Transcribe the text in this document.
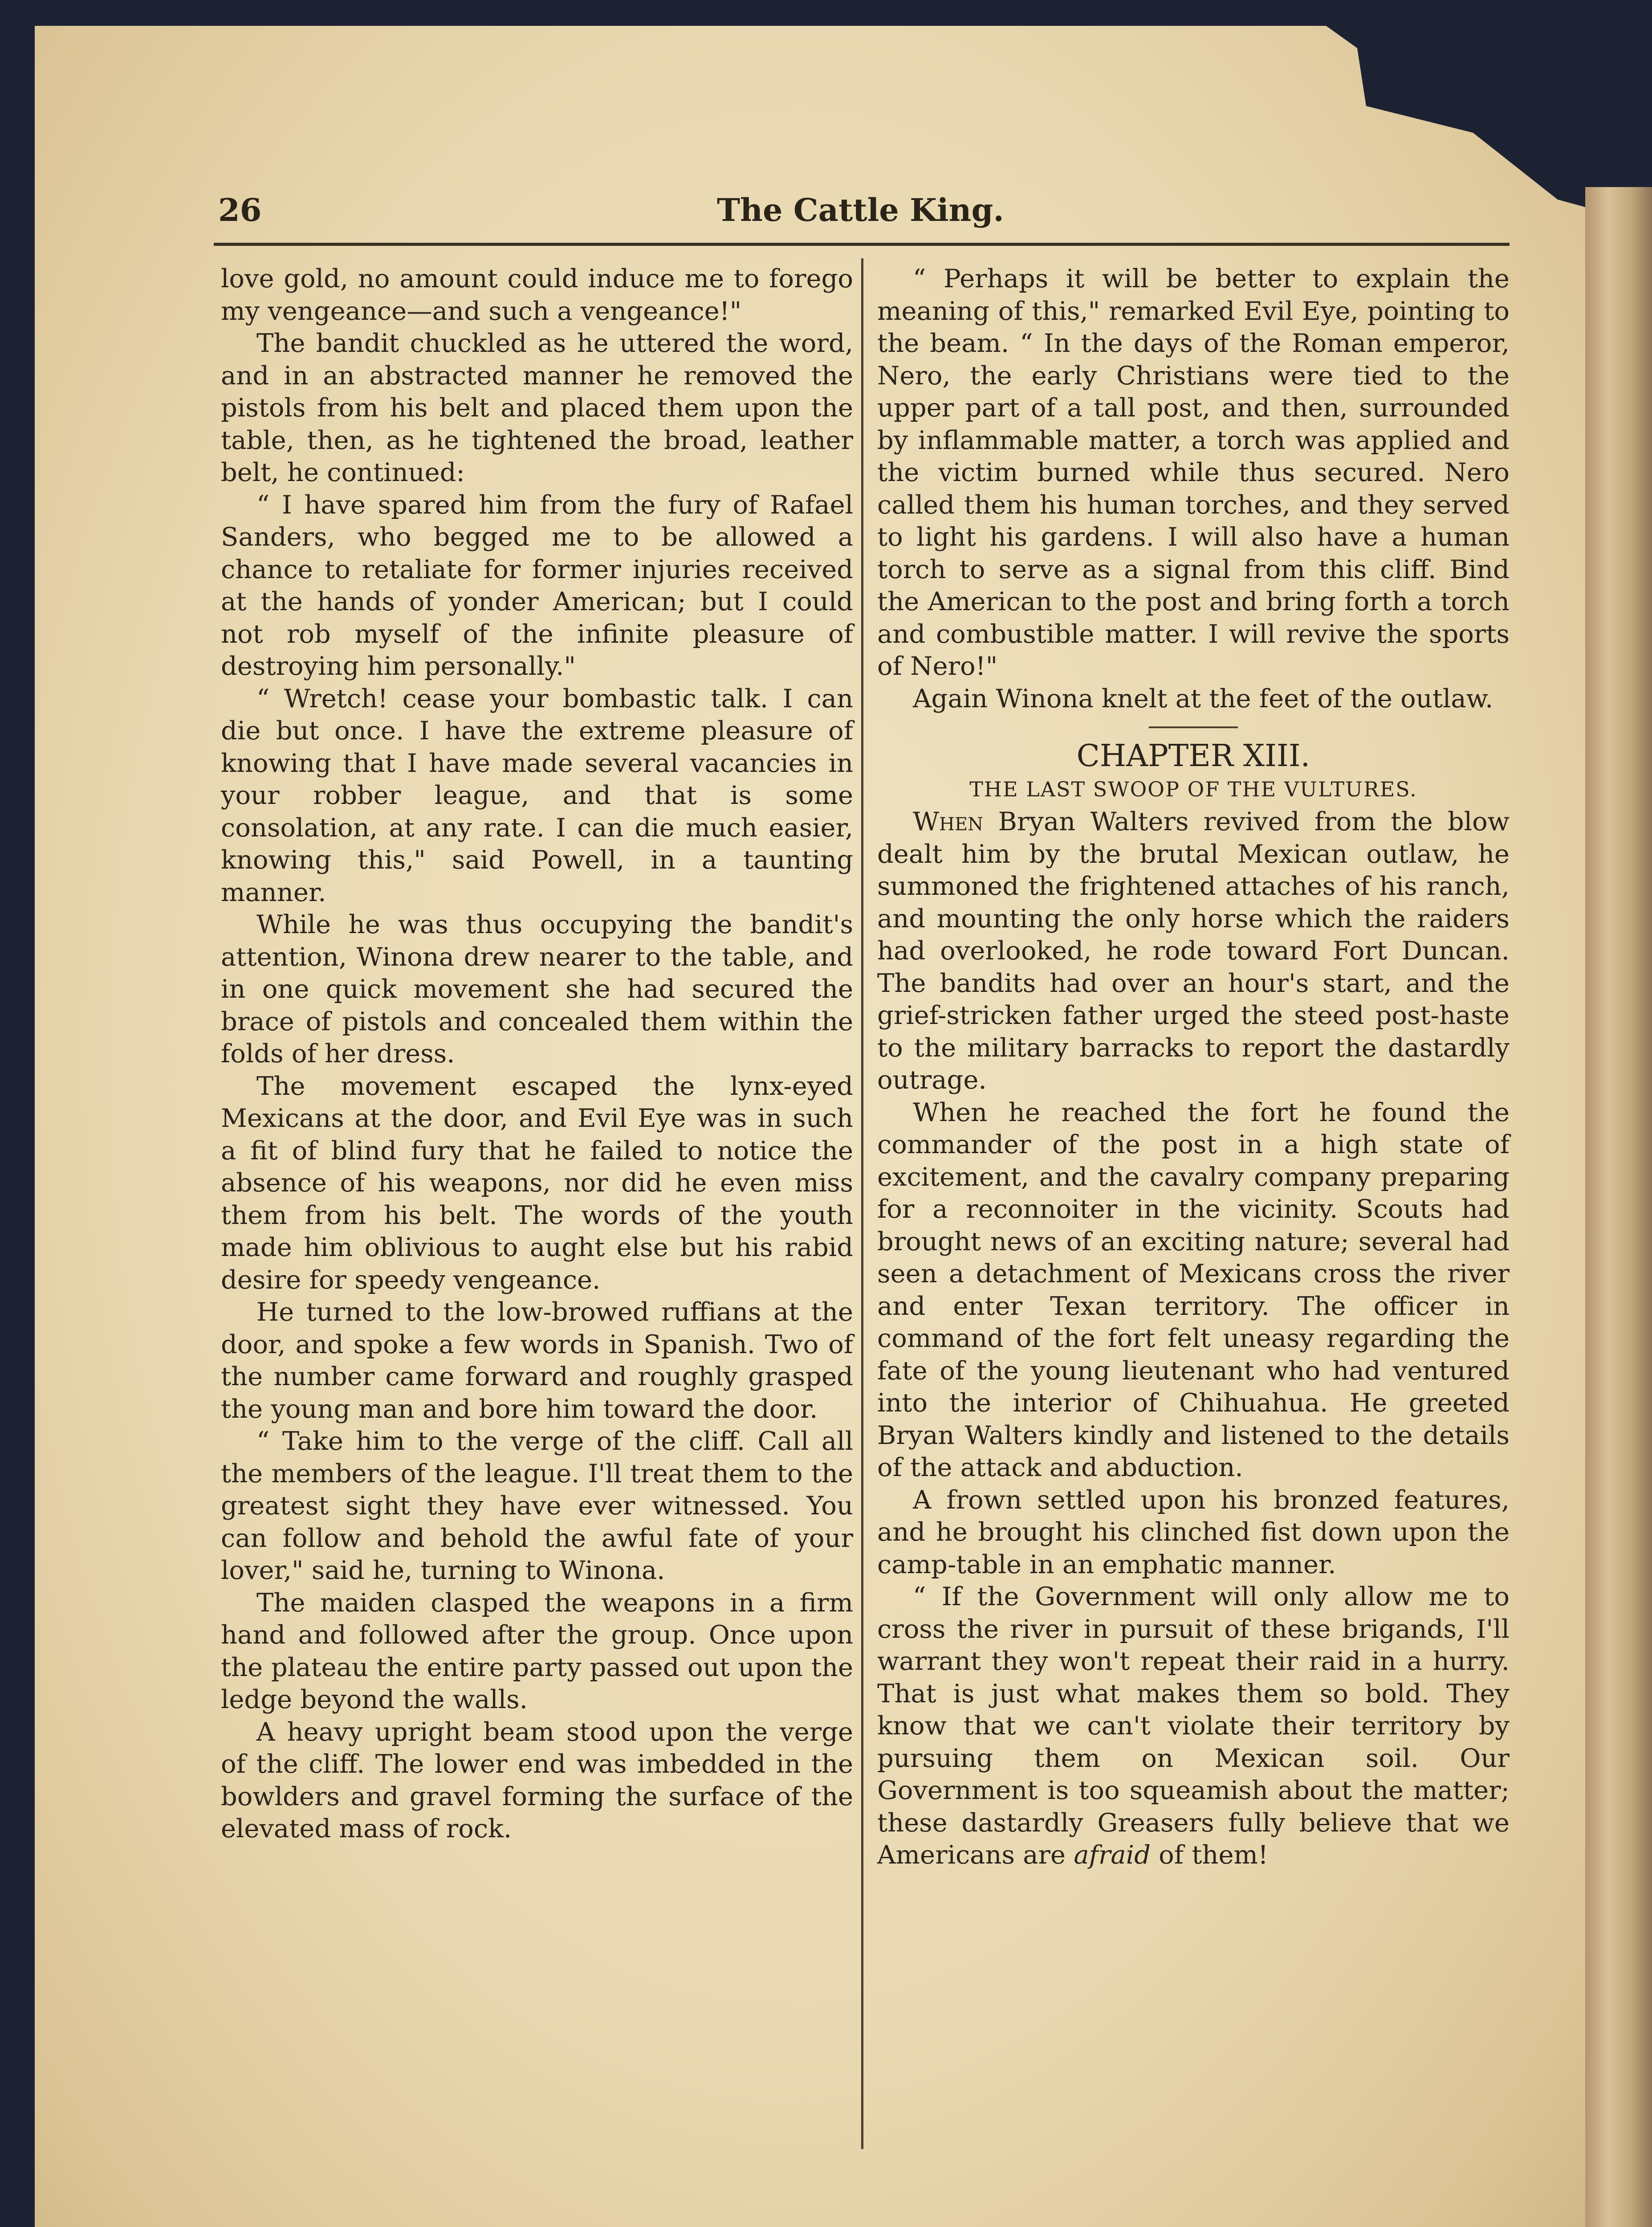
26	The Cattle King.

love gold, no amount could induce me to forego my vengeance—and such a vengeance!"

The bandit chuckled as he uttered the word, and in an abstracted manner he removed the pistols from his belt and placed them upon the table, then, as he tightened the broad, leather belt, he continued:

“ I have spared him from the fury of Rafael Sanders, who begged me to be allowed a chance to retaliate for former injuries received at the hands of yonder American; but I could not rob myself of the infinite pleasure of destroying him personally."

“ Wretch! cease your bombastic talk. I can die but once. I have the extreme pleasure of knowing that I have made several vacancies in your robber league, and that is some consolation, at any rate. I can die much easier, knowing this," said Powell, in a taunting manner.

While he was thus occupying the bandit's attention, Winona drew nearer to the table, and in one quick movement she had secured the brace of pistols and concealed them within the folds of her dress.

The movement escaped the lynx-eyed Mexicans at the door, and Evil Eye was in such a fit of blind fury that he failed to notice the absence of his weapons, nor did he even miss them from his belt. The words of the youth made him oblivious to aught else but his rabid desire for speedy vengeance.

He turned to the low-browed ruffians at the door, and spoke a few words in Spanish. Two of the number came forward and roughly grasped the young man and bore him toward the door.

“ Take him to the verge of the cliff. Call all the members of the league. I'll treat them to the greatest sight they have ever witnessed. You can follow and behold the awful fate of your lover," said he, turning to Winona.

The maiden clasped the weapons in a firm hand and followed after the group. Once upon the plateau the entire party passed out upon the ledge beyond the walls.

A heavy upright beam stood upon the verge of the cliff. The lower end was imbedded in the bowlders and gravel forming the surface of the elevated mass of rock.

“ Perhaps it will be better to explain the meaning of this," remarked Evil Eye, pointing to the beam. “ In the days of the Roman emperor, Nero, the early Christians were tied to the upper part of a tall post, and then, surrounded by inflammable matter, a torch was applied and the victim burned while thus secured. Nero called them his human torches, and they served to light his gardens. I will also have a human torch to serve as a signal from this cliff. Bind the American to the post and bring forth a torch and combustible matter. I will revive the sports of Nero!"

Again Winona knelt at the feet of the outlaw.

CHAPTER XIII.
THE LAST SWOOP OF THE VULTURES.

When Bryan Walters revived from the blow dealt him by the brutal Mexican outlaw, he summoned the frightened attaches of his ranch, and mounting the only horse which the raiders had overlooked, he rode toward Fort Duncan. The bandits had over an hour's start, and the grief-stricken father urged the steed post-haste to the military barracks to report the dastardly outrage.

When he reached the fort he found the commander of the post in a high state of excitement, and the cavalry company preparing for a reconnoiter in the vicinity. Scouts had brought news of an exciting nature; several had seen a detachment of Mexicans cross the river and enter Texan territory. The officer in command of the fort felt uneasy regarding the fate of the young lieutenant who had ventured into the interior of Chihuahua. He greeted Bryan Walters kindly and listened to the details of the attack and abduction.

A frown settled upon his bronzed features, and he brought his clinched fist down upon the camp-table in an emphatic manner.

“ If the Government will only allow me to cross the river in pursuit of these brigands, I'll warrant they won't repeat their raid in a hurry. That is just what makes them so bold. They know that we can't violate their territory by pursuing them on Mexican soil. Our Government is too squeamish about the matter; these dastardly Greasers fully believe that we Americans are afraid of them!
